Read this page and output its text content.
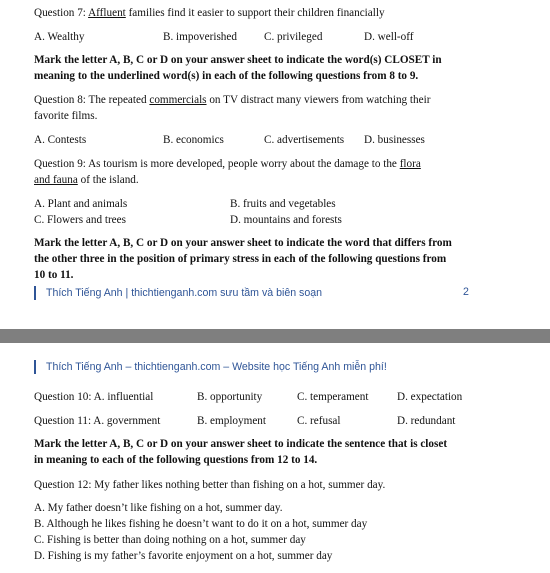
Question 7: Affluent families find it easier to support their children financially
A. Wealthy	B. impoverished C. privileged	D. well-off
Mark the letter A, B, C or D on your answer sheet to indicate the word(s) CLOSET in
meaning to the underlined word(s) in each of the following questions from 8 to 9.
Question 8: The repeated commercials on TV distract many viewers from watching their
favorite films.
A. Contests	B. economics	C. advertisements D. businesses
Question 9: As tourism is more developed, people worry about the damage to the flora
and fauna of the island.
A. Plant and animals	B. fruits and vegetables
C. Flowers and trees	D. mountains and forests
Mark the letter A, B, C or D on your answer sheet to indicate the word that differs from
the other three in the position of primary stress in each of the following questions from
10 to 11.
Thích Tiếng Anh | thichtienganh.com sưu tầm và biên soạn	2
Thích Tiếng Anh – thichtienganh.com – Website học Tiếng Anh miễn phí!
Question 10: A. influential	B. opportunity	C. temperament	D. expectation
Question 11: A. government	B. employment	C. refusal	D. redundant
Mark the letter A, B, C or D on your answer sheet to indicate the sentence that is closet
in meaning to each of the following questions from 12 to 14.
Question 12: My father likes nothing better than fishing on a hot, summer day.
A. My father doesn’t like fishing on a hot, summer day.
B. Although he likes fishing he doesn’t want to do it on a hot, summer day
C. Fishing is better than doing nothing on a hot, summer day
D. Fishing is my father’s favorite enjoyment on a hot, summer day
